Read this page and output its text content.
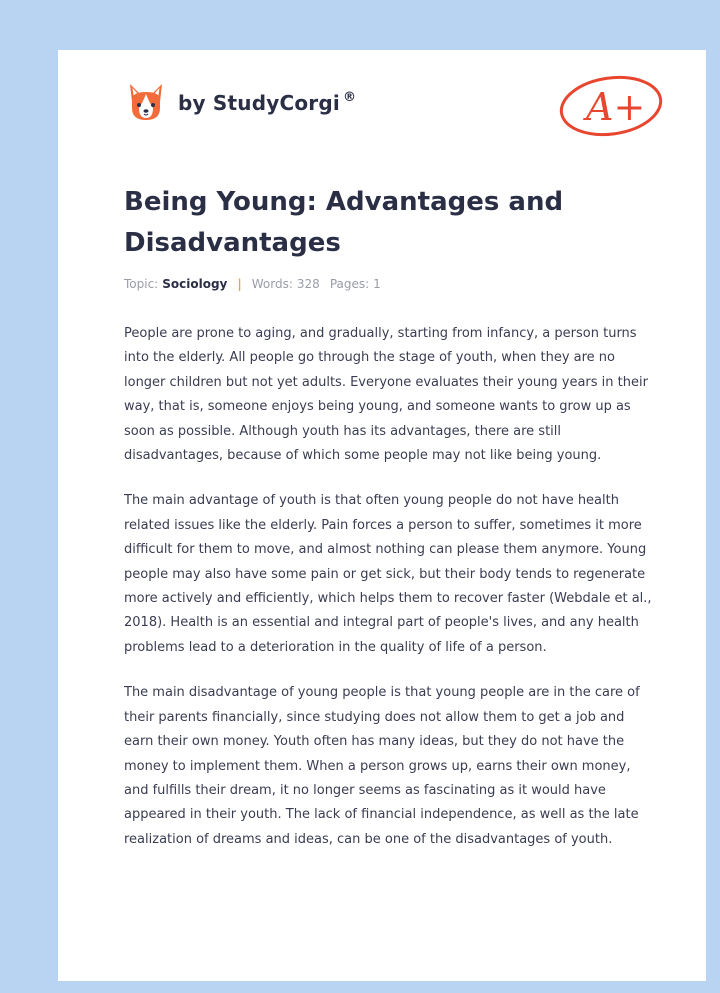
by StudyCorgi ®	A+
Being Young: Advantages and Disadvantages
Topic: Sociology | Words: 328 Pages: 1

People are prone to aging, and gradually, starting from infancy, a person turns into the elderly. All people go through the stage of youth, when they are no longer children but not yet adults. Everyone evaluates their young years in their way, that is, someone enjoys being young, and someone wants to grow up as soon as possible. Although youth has its advantages, there are still disadvantages, because of which some people may not like being young.

The main advantage of youth is that often young people do not have health related issues like the elderly. Pain forces a person to suffer, sometimes it more difficult for them to move, and almost nothing can please them anymore. Young people may also have some pain or get sick, but their body tends to regenerate more actively and efficiently, which helps them to recover faster (Webdale et al., 2018). Health is an essential and integral part of people's lives, and any health problems lead to a deterioration in the quality of life of a person.

The main disadvantage of young people is that young people are in the care of their parents financially, since studying does not allow them to get a job and earn their own money. Youth often has many ideas, but they do not have the money to implement them. When a person grows up, earns their own money, and fulfills their dream, it no longer seems as fascinating as it would have appeared in their youth. The lack of financial independence, as well as the late realization of dreams and ideas, can be one of the disadvantages of youth.
